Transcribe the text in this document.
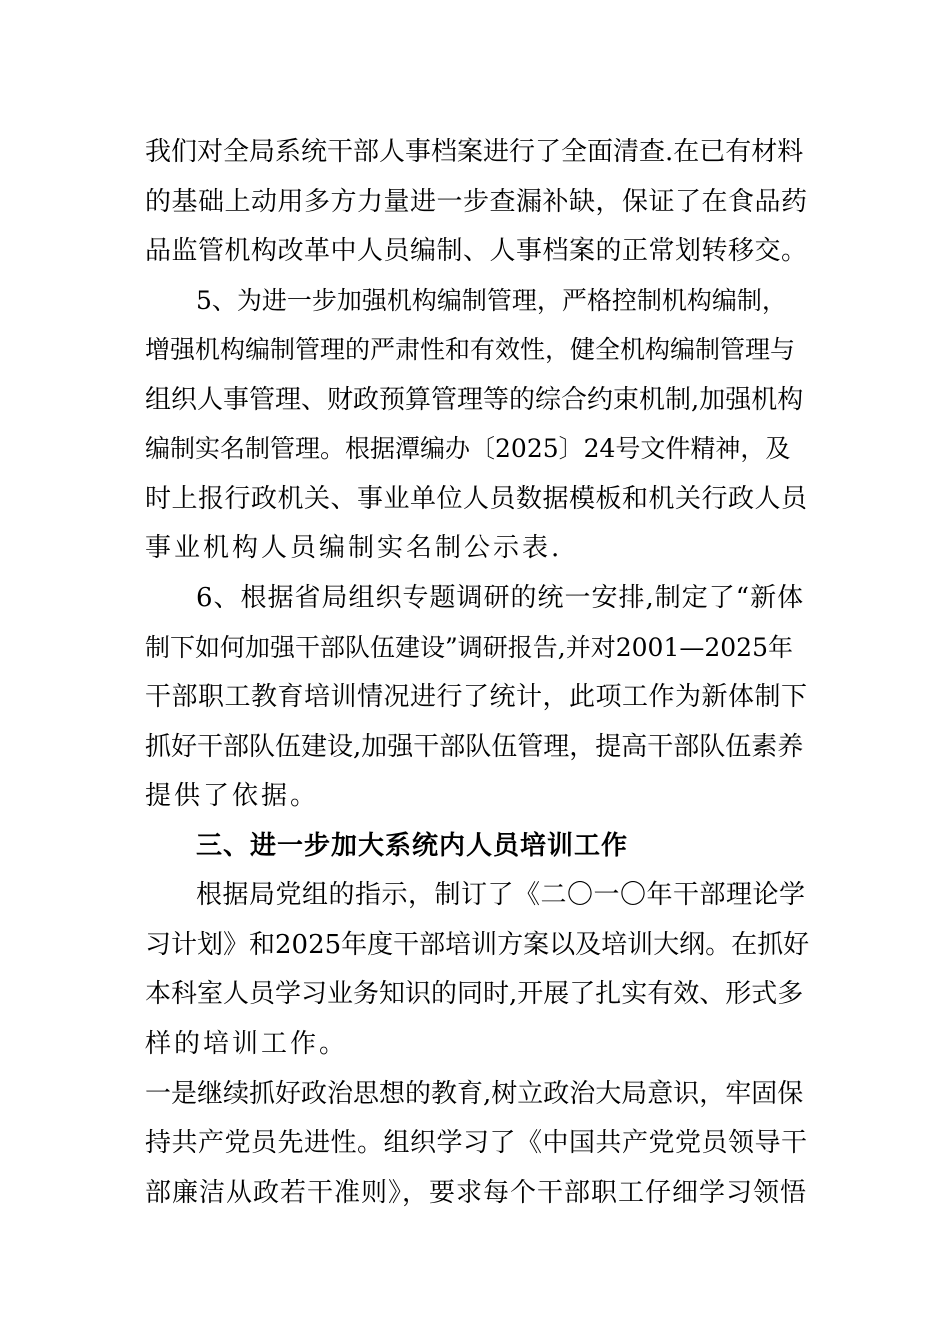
我们对全局系统干部人事档案进行了全面清查.在已有材料
的基础上动用多方力量进一步查漏补缺，保证了在食品药
品监管机构改革中人员编制、人事档案的正常划转移交。
5、为进一步加强机构编制管理，严格控制机构编制，
增强机构编制管理的严肃性和有效性，健全机构编制管理与
组织人事管理、财政预算管理等的综合约束机制,加强机构
编制实名制管理。根据潭编办〔2025〕24号文件精神，及
时上报行政机关、事业单位人员数据模板和机关行政人员
事业机构人员编制实名制公示表.
6、根据省局组织专题调研的统一安排,制定了“新体
制下如何加强干部队伍建设”调研报告,并对2001—2025年
干部职工教育培训情况进行了统计，此项工作为新体制下
抓好干部队伍建设,加强干部队伍管理，提高干部队伍素养
提供了依据。
三、进一步加大系统内人员培训工作
根据局党组的指示，制订了《二〇一〇年干部理论学
习计划》和2025年度干部培训方案以及培训大纲。在抓好
本科室人员学习业务知识的同时,开展了扎实有效、形式多
样的培训工作。
一是继续抓好政治思想的教育,树立政治大局意识，牢固保
持共产党员先进性。组织学习了《中国共产党党员领导干
部廉洁从政若干准则》，要求每个干部职工仔细学习领悟
